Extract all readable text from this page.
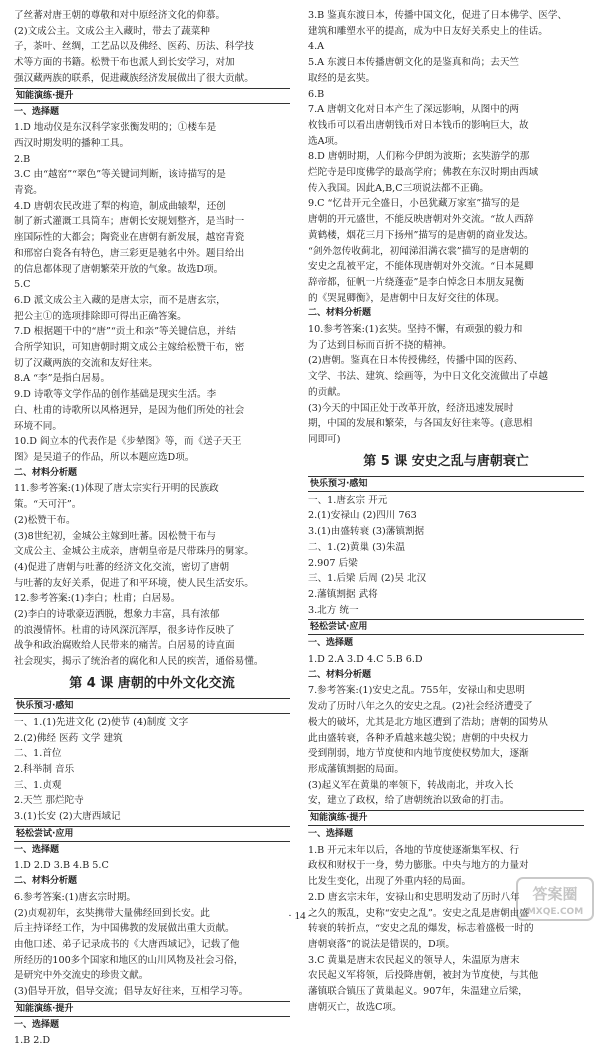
了丝蕃对唐王朝的尊敬和对中原经济文化的仰慕。
(2)文成公主。文成公主入藏时，带去了蔬菜种
子，茶叶、丝绸，工艺品以及佛经、医药、历法、科学技
术等方面的书籍。松赞干布也派人到长安学习，对加
强汉藏两族的联系，促进藏族经济发展做出了很大贡献。
知能演练·提升
一、选择题
1.D 地动仪是东汉科学家张衡发明的；①楼车是
西汉时期发明的播种工具。
2.B
3.C 由“越窑”“翠色”等关键词判断，该诗描写的是
青瓷。
4.D 唐朝农民改进了犁的构造，制成曲辕犁，还创
制了新式灌溉工具筒车；唐朝长安规划整齐，是当时一
座国际性的大都会；陶瓷业在唐朝有新发展，越窑青瓷
和邢窑白瓷各有特色，唐三彩更是驰名中外。题目给出
的信息都体现了唐朝繁荣开放的气象。故选D项。
5.C
6.D 派文成公主入藏的是唐太宗，而不是唐玄宗，
把公主①的选项排除即可得出正确答案。
7.D 根据题干中的“唐”“贡土和亲”等关键信息，并结
合所学知识，可知唐朝时期文成公主嫁给松赞干布，密
切了汉藏两族的交流和友好往来。
8.A “李”是指白居易。
9.D 诗歌等文学作品的创作基础是现实生活。李
白、杜甫的诗歌所以风格迥异，是因为他们所处的社会
环境不同。
10.D 阎立本的代表作是《步辇图》等，而《送子天王
图》是吴道子的作品，所以本题应选D项。
二、材料分析题
11.参考答案:(1)体现了唐太宗实行开明的民族政
策。“天可汗”。
(2)松赞干布。
(3)8世纪初，金城公主嫁到吐蕃。因松赞干布与
文成公主、金城公主成亲，唐朝皇帝是尺带珠丹的舅家。
(4)促进了唐朝与吐蕃的经济文化交流，密切了唐朝
与吐蕃的友好关系，促进了和平环境，使人民生活安乐。
12.参考答案:(1)李白；杜甫；白居易。
(2)李白的诗歌豪迈洒脱，想象力丰富，具有浓郁
的浪漫情怀。杜甫的诗风深沉浑厚，很多诗作反映了
战争和政治腐败给人民带来的痛苦。白居易的诗直面
社会现实，揭示了统治者的腐化和人民的疾苦，通俗易懂。
第 4 课 唐朝的中外文化交流
快乐预习·感知
一、1.(1)先进文化 (2)使节 (4)制度 文字
2.(2)佛经 医药 文学 建筑
二、1.首位
2.科举制 音乐
三、1.贞观
2.天竺 那烂陀寺
3.(1)长安 (2)大唐西域记
轻松尝试·应用
一、选择题
1.D 2.D 3.B 4.B 5.C
二、材料分析题
6.参考答案:(1)唐玄宗时期。
(2)贞观初年，玄奘携带大量佛经回到长安。此
后主持译经工作，为中国佛教的发展做出重大贡献。
由他口述、弟子记录成书的《大唐西域记》，记载了他
所经历的100多个国家和地区的山川风物及社会习俗，
是研究中外交流史的珍贵文献。
(3)倡导开放，倡导交流；倡导友好往来，互相学习等。
知能演练·提升
一、选择题
1.B 2.D
3.B 鉴真东渡日本，传播中国文化，促进了日本佛学、医学、
建筑和雕塑水平的提高，成为中日友好关系史上的佳话。
4.A
5.A 东渡日本传播唐朝文化的是鉴真和尚；去天竺
取经的是玄奘。
6.B
7.A 唐朝文化对日本产生了深远影响，从图中的两
枚钱币可以看出唐朝钱币对日本钱币的影响巨大，故
选A项。
8.D 唐朝时期，人们称今伊朗为波斯；玄奘游学的那
烂陀寺是印度佛学的最高学府；佛教在东汉时期由西域
传入我国。因此A,B,C三项说法都不正确。
9.C “忆昔开元全盛日，小邑犹藏万家室”描写的是
唐朝的开元盛世，不能反映唐朝对外交流。“故人西辞
黄鹤楼，烟花三月下扬州”描写的是唐朝的商业发达。
“剑外忽传收蓟北，初闻涕泪满衣裳”描写的是唐朝的
安史之乱被平定，不能体现唐朝对外交流。“日本晁卿
辞帝都，征帆一片绕蓬壶”是李白悼念日本朋友晁衡
的《哭晁卿衡》，是唐朝中日友好交往的体现。
二、材料分析题
10.参考答案:(1)玄奘。坚持不懈，有顽强的毅力和
为了达到目标而百折不挠的精神。
(2)唐朝。鉴真在日本传授佛经，传播中国的医药、
文学、书法、建筑、绘画等，为中日文化交流做出了卓越
的贡献。
(3)今天的中国正处于改革开放，经济迅速发展时
期，中国的发展和繁荣，与各国友好往来等。(意思相
同即可)
第 5 课 安史之乱与唐朝衰亡
快乐预习·感知
一、1.唐玄宗 开元
2.(1)安禄山 (2)四川 763
3.(1)由盛转衰 (3)藩镇割据
二、1.(2)黄巢 (3)朱温
2.907 后梁
三、1.后梁 后周 (2)吴 北汉
2.藩镇割据 武将
3.北方 统一
轻松尝试·应用
一、选择题
1.D 2.A 3.D 4.C 5.B 6.D
二、材料分析题
7.参考答案:(1)安史之乱。755年，安禄山和史思明
发动了历时八年之久的安史之乱。(2)社会经济遭受了
极大的破坏，尤其是北方地区遭到了浩劫；唐朝的国势从
此由盛转衰，各种矛盾越来越尖锐；唐朝的中央权力
受到削弱，地方节度使和内地节度使权势加大，逐渐
形成藩镇割据的局面。
(3)起义军在黄巢的率领下，转战南北，并攻入长
安，建立了政权，给了唐朝统治以致命的打击。
知能演练·提升
一、选择题
1.B 开元末年以后，各地的节度使逐渐集军权、行
政权和财权于一身，势力膨胀。中央与地方的力量对
比发生变化，出现了外重内轻的局面。
2.D 唐玄宗末年，安禄山和史思明发动了历时八年
之久的叛乱，史称“安史之乱”。安史之乱是唐朝由盛
转衰的转折点，“安史之乱的爆发，标志着盛极一时的
唐朝衰落”的说法是错误的，D项。
3.C 黄巢是唐末农民起义的领导人，朱温原为唐末
农民起义军将领，后投降唐朝，被封为节度使，与其他
藩镇联合镇压了黄巢起义。907年，朱温建立后梁，
唐朝灭亡，故选C项。
· 14 ·
答案圈
MXQE.COM
